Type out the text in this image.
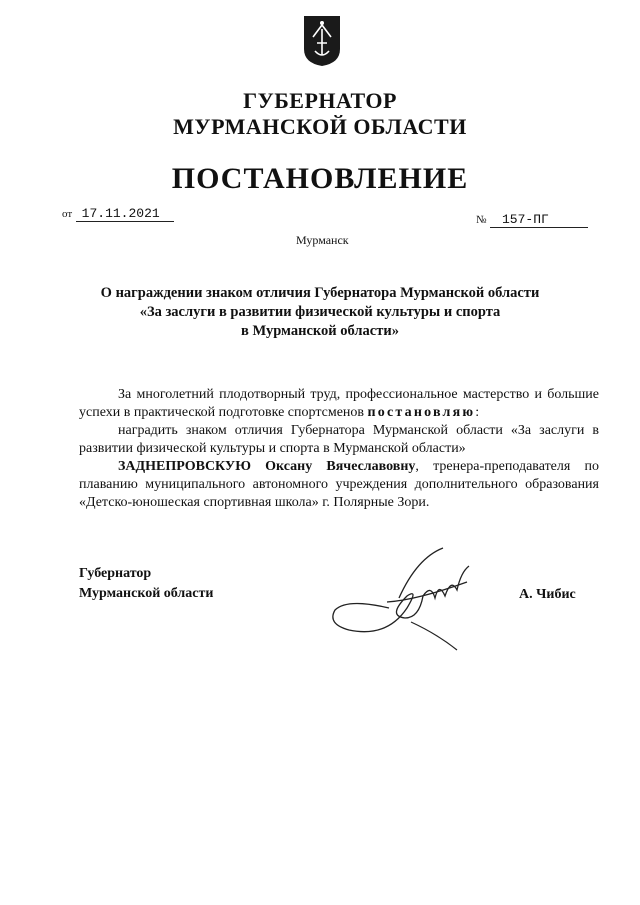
ГУБЕРНАТОР
МУРМАНСКОЙ ОБЛАСТИ
ПОСТАНОВЛЕНИЕ
от 17.11.2021	№ 157-ПГ
Мурманск
О награждении знаком отличия Губернатора Мурманской области
«За заслуги в развитии физической культуры и спорта
в Мурманской области»

За многолетний плодотворный труд, профессиональное мастерство и большие успехи в практической подготовке спортсменов постановляю:

наградить знаком отличия Губернатора Мурманской области «За заслуги в развитии физической культуры и спорта в Мурманской области»

ЗАДНЕПРОВСКУЮ Оксану Вячеславовну, тренера-преподавателя по плаванию муниципального автономного учреждения дополнительного образования «Детско-юношеская спортивная школа» г. Полярные Зори.

Губернатор
Мурманской области	А. Чибис
